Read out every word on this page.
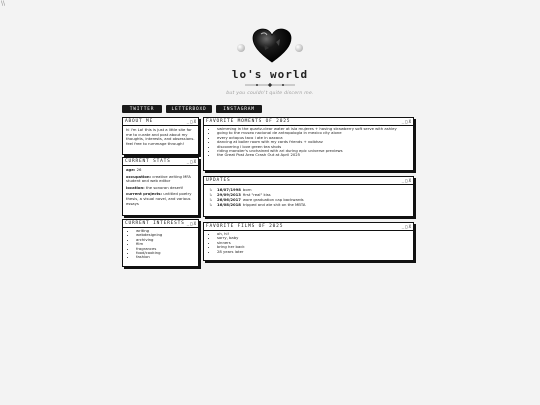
\\
lo's world
but you couldn't quite discern me.
TWITTER	LETTERBOXD	INSTAGRAM
ABOUT ME	_ □ X
hi i'm Lo! this is just a little site for me to curate and post about my thoughts, interests, and obsessions. feel free to rummage through!
CURRENT STATS	_ □ X

age: 26

occupation: creative writing MFA student and web editor

location: the sonoran desert!

current projects: untitled poetry thesis, a visual novel, and various essays

CURRENT INTERESTS _ □ X
• writing
• webdesigning
• archiving
• film
• fragrances
• food/cooking
• fashion
FAVORITE MOMENTS OF 2025	_ □ X
• swimming in the quartz-clear water at isla mujeres + having strawberry soft serve with ashley
• going to the museo nacional de antropología in mexico city alone
• every octopus taco i ate in oaxaca
• dancing at boiler room with my cards friends + voibhav
• discovering i love green tea shots
• riding monster's unchained with ari during epic universe previews
• the Great Post Area Crash Out at April 2025
UPDATES	_ □ X
↳	16/07/1998 born
↳	29/09/2013 first "real" kiss
↳	26/06/2017 wore graduation cap backwards
↳	16/08/2018 tripped and ate shit on the MBTA
FAVORITE FILMS OF 2025	_ □ X
• oh, hi!
• sorry, baby
• sinners
• bring her back
• 28 years later
